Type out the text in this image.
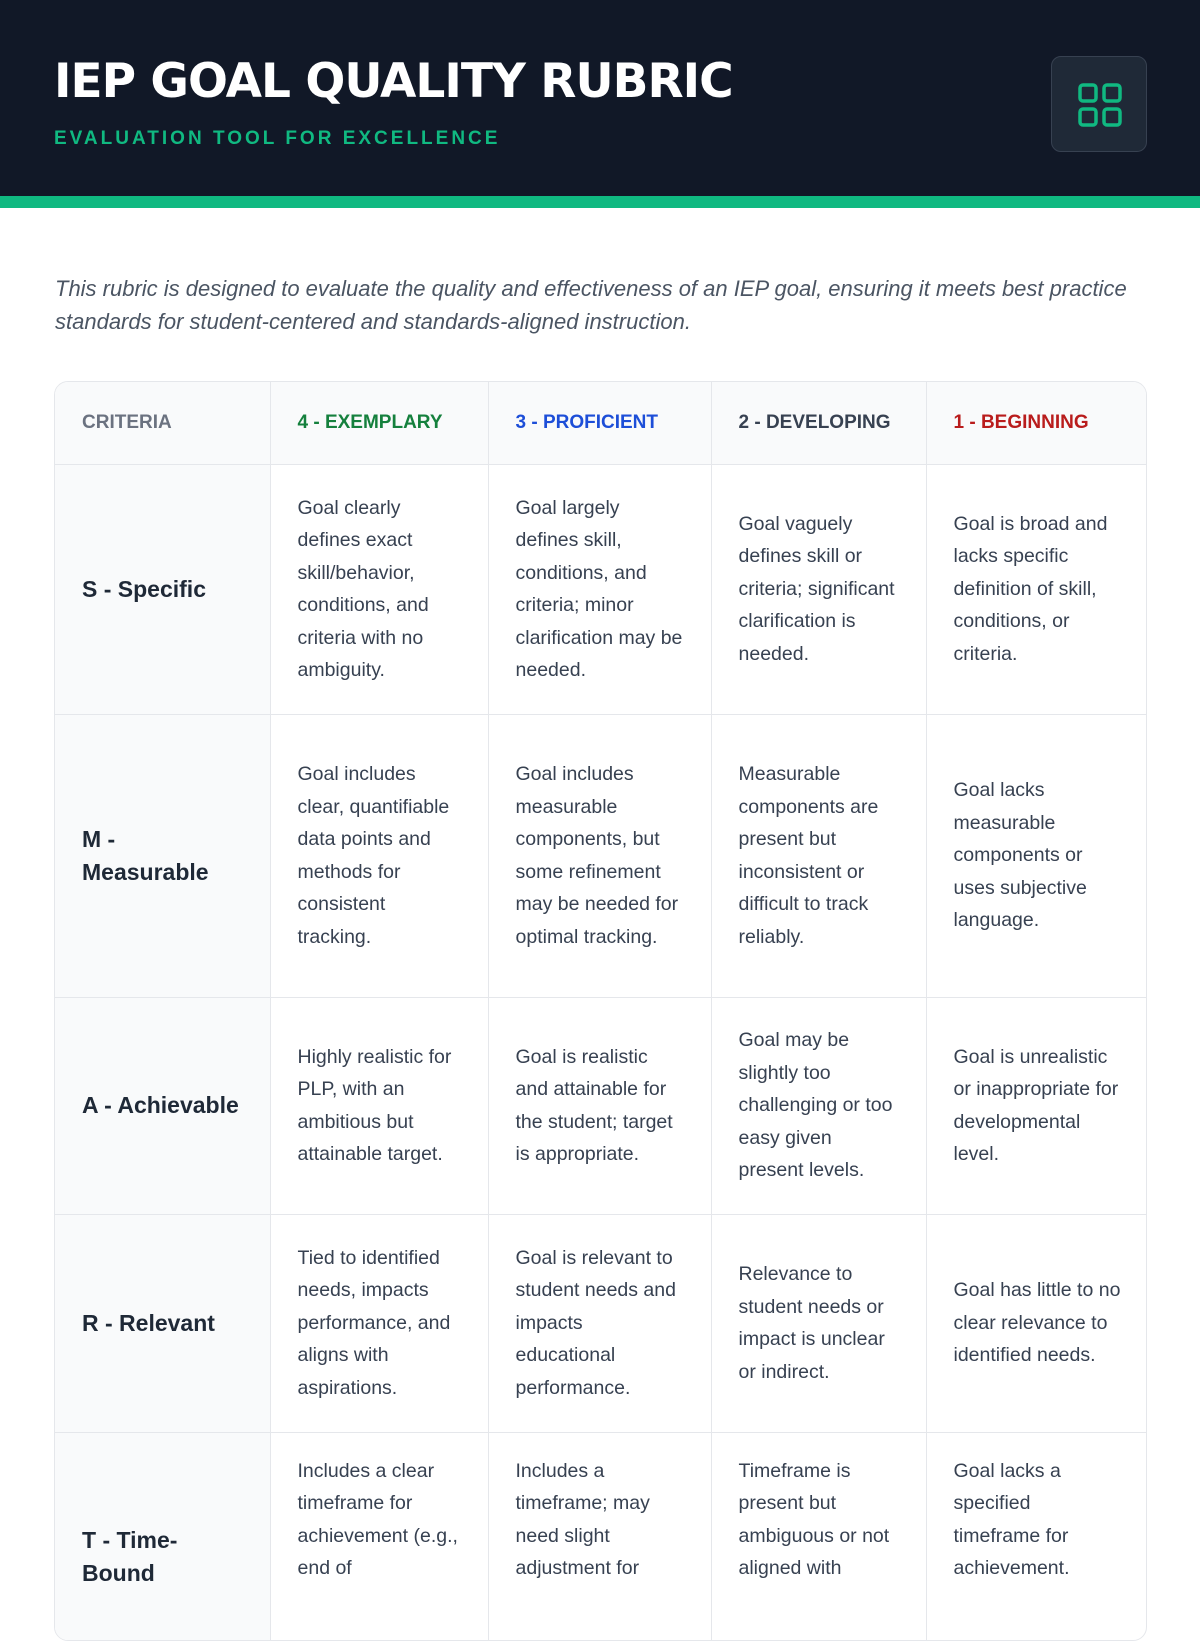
IEP GOAL QUALITY RUBRIC
EVALUATION TOOL FOR EXCELLENCE

This rubric is designed to evaluate the quality and effectiveness of an IEP goal, ensuring it meets best practice standards for student-centered and standards-aligned instruction.

CRITERIA	4 - EXEMPLARY	3 - PROFICIENT	2 - DEVELOPING	1 - BEGINNING
S - Specific	Goal clearly defines exact skill/behavior, conditions, and criteria with no ambiguity.	Goal largely defines skill, conditions, and criteria; minor clarification may be needed.	Goal vaguely defines skill or criteria; significant clarification is needed.	Goal is broad and lacks specific definition of skill, conditions, or criteria.
M - Measurable	Goal includes clear, quantifiable data points and methods for consistent tracking.	Goal includes measurable components, but some refinement may be needed for optimal tracking.	Measurable components are present but inconsistent or difficult to track reliably.	Goal lacks measurable components or uses subjective language.
A - Achievable	Highly realistic for PLP, with an ambitious but attainable target.	Goal is realistic and attainable for the student; target is appropriate.	Goal may be slightly too challenging or too easy given present levels.	Goal is unrealistic or inappropriate for developmental level.
R - Relevant	Tied to identified needs, impacts performance, and aligns with aspirations.	Goal is relevant to student needs and impacts educational performance.	Relevance to student needs or impact is unclear or indirect.	Goal has little to no clear relevance to identified needs.
T - Time-Bound	Includes a clear timeframe for achievement (e.g., end of	Includes a timeframe; may need slight adjustment for	Timeframe is present but ambiguous or not aligned with	Goal lacks a specified timeframe for achievement.
